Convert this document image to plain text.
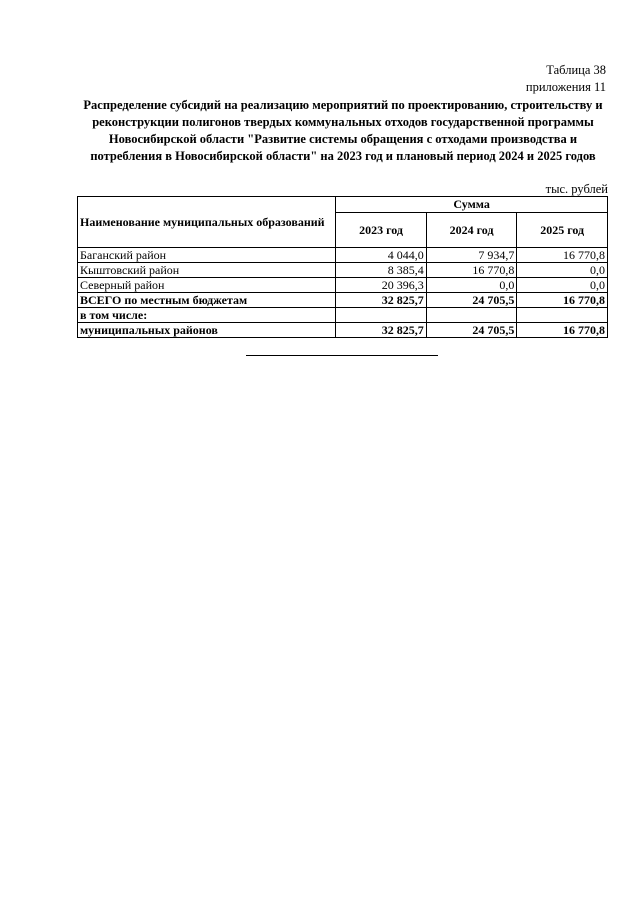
Таблица 38
приложения 11
Распределение субсидий на реализацию мероприятий по проектированию, строительству и
реконструкции полигонов твердых коммунальных отходов государственной программы
Новосибирской области "Развитие системы обращения с отходами производства и
потребления в Новосибирской области" на 2023 год и плановый период 2024 и 2025 годов
тыс. рублей
Наименование муниципальных образований	Сумма		
	2023 год	2024 год	2025 год
Баганский район	4 044,0	7 934,7	16 770,8
Кыштовский район	8 385,4	16 770,8	0,0
Северный район	20 396,3	0,0	0,0
ВСЕГО по местным бюджетам	32 825,7	24 705,5	16 770,8
в том числе:			
муниципальных районов	32 825,7	24 705,5	16 770,8
